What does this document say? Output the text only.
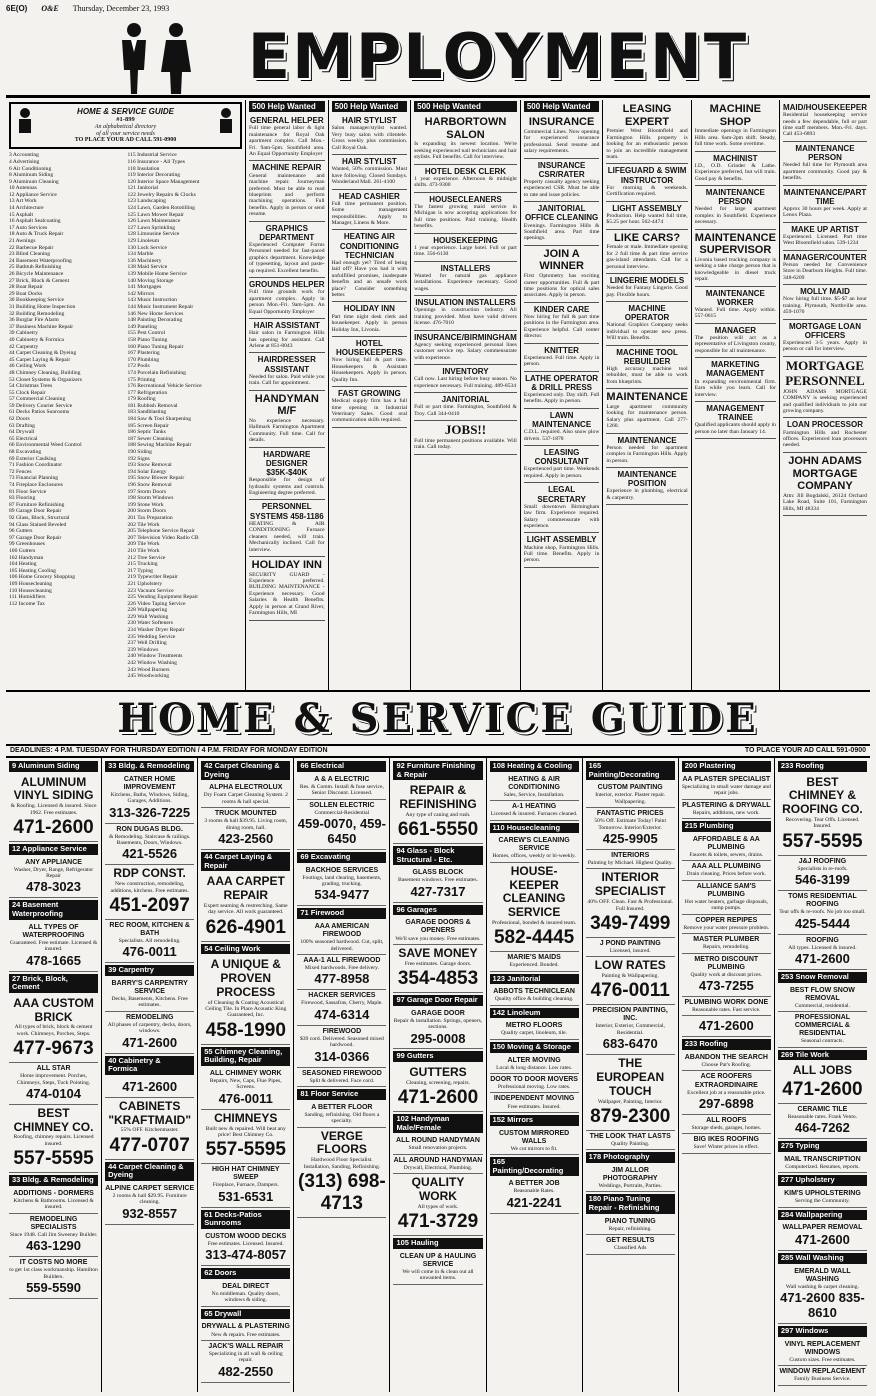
6E(O) O&E Thursday, December 23, 1993
EMPLOYMENT
HOME & SERVICE GUIDE
#1-899
An alphabetical directory
of all your service needs
TO PLACE YOUR AD CALL 591-0900
3 Accounting
4 Advertising
6 Air Conditioning
8 Aluminum Siding
9 Aluminum Cleaning
10 Antennas
12 Appliance Service
13 Art Work
14 Architecture
15 Asphalt
16 Asphalt Sealcoating
17 Auto Services
18 Auto & Truck Repair
21 Awnings
22 Barbecue Repair
23 Blind Cleaning
24 Basement Waterproofing
25 Bathtub Refinishing
26 Bicycle Maintenance
27 Brick, Block & Cement
28 Boat Repair
29 Boat Docks
30 Bookkeeping Service
31 Building Home Inspection
32 Building Remodeling
36 Burglar Fire Alarm
37 Business Machine Repair
39 Cabinetry
40 Cabinetry & Formica
42 Carpentry
44 Carpet Cleaning & Dyeing
45 Carpet Laying & Repair
46 Ceiling Work
48 Chimney Cleaning, Building
53 Closet Systems & Organizers
54 Christmas Trees
55 Clock Repair
57 Commercial Cleaning
59 Delivery Courier Service
61 Decks Patios Sunrooms
62 Doors
63 Drafting
64 Drywall
65 Electrical
66 Environmental Weed Control
68 Excavating
69 Exterior Caulking
71 Fashion Coordinator
72 Fences
73 Financial Planning
74 Fireplace Enclosures
81 Floor Service
83 Flooring
87 Furniture Refinishing
89 Garage Door Repair
92 Glass, Block, Structural
94 Glass Stained Beveled
96 Gutters
97 Garage Door Repair
99 Greenhouses
100 Gutters
102 Handyman
104 Heating
105 Heating Cooling
106 Home Grocery Shopping
109 Housecleaning
110 Housecleaning
111 Humidifiers
112 Income Tax
115 Industrial Service
116 Insurance - All Types
118 Insulation
119 Interior Decorating
120 Interior Space Management
121 Janitorial
122 Jewelry Repairs & Clocks
123 Landscaping
124 Lawn, Garden Rototilling
125 Lawn Mower Repair
126 Lawn Maintenance
127 Lawn Sprinkling
128 Limousine Service
129 Linoleum
130 Lock Service
134 Marble
136 Machinery
138 Maid Service
139 Mobile Home Service
140 Moving Storage
141 Mortgages
142 Mirrors
143 Music Instruction
144 Music Instrument Repair
146 New Home Services
148 Painting Decorating
149 Paneling
155 Pest Control
158 Piano Tuning
160 Piano Tuning Repair
167 Plastering
170 Plumbing
172 Pools
174 Porcelain Refinishing
175 Printing
176 Recreational Vehicle Service
177 Refrigeration
179 Roofing
181 Rubbish Removal
183 Sandblasting
184 Saw & Tool Sharpening
185 Screen Repair
186 Septic Tanks
187 Sewer Cleaning
188 Sewing Machine Repair
190 Siding
192 Signs
193 Snow Removal
194 Solar Energy
195 Snow Blower Repair
196 Snow Removal
197 Storm Doors
198 Storm Windows
199 Stone Work
200 Storm Doors
201 Tax Preparation
202 Tile Work
205 Telephone Service Repair
207 Television Video Radio CB
209 Tile Work
210 Tile Work
212 Tree Service
215 Trucking
217 Typing
219 Typewriter Repair
221 Upholstery
223 Vacuum Service
225 Vending Equipment Repair
226 Video Taping Service
228 Wallpapering
229 Wall Washing
230 Water Softeners
234 Washer Dryer Repair
235 Wedding Service
237 Well Drilling
239 Windows
240 Window Treatments
242 Window Washing
243 Wood Burners
245 Woodworking
500 Help Wanted
GENERAL HELPER
Full time general labor & light maintenance for Royal Oak apartment complex. Call Mon.-Fri. 9am-5pm. Southfield area. An Equal Opportunity Employer
MACHINE REPAIR
General maintenance and machine repair. Journeyman preferred. Must be able to read blueprints and perform machining operations. Full benefits. Apply in person or send resume.
GRAPHICS DEPARTMENT
Experienced Computer Forms Personnel needed for fast-paced graphics department. Knowledge of typesetting, layout and paste-up required. Excellent benefits.
GROUNDS HELPER
Full time grounds work for apartment complex. Apply in person Mon.-Fri. 9am-5pm. An Equal Opportunity Employer
HAIR ASSISTANT
Hair salon in Farmington Hills has opening for assistant. Call Arlene at 851-8043
HAIRDRESSER ASSISTANT
Needed for salon. Paid while you train. Call for appointment.
HANDYMAN M/F
No experience necessary. Hallmark Farmington Apartment Community. Full time. Call for details.
HARDWARE DESIGNER $35K-$40K
Responsible for design of hydraulic systems and controls. Engineering degree preferred.
PERSONNEL SYSTEMS 458-1186
HEATING & AIR CONDITIONING Furnace cleaners needed, will train. Mechanically inclined. Call for interview.
HOLIDAY INN
SECURITY GUARD - Experience preferred. BUILDING MAINTENANCE - Experience necessary. Good Salaries & Health Benefits. Apply in person at Grand River, Farmington Hills, MI
500 Help Wanted
HAIR STYLIST
Salon manager/stylist wanted. Very busy salon with clientele. Gross weekly plus commission. Call Royal Oak.
HAIR STYLIST
Wanted, 50% commission. Must have following. Closed Sundays. Wonderland Mall. 261-4100
HEAD CASHIER
Full time permanent position. Some management responsibilities. Apply to Manager, Linens & More.
HEATING AIR CONDITIONING TECHNICIAN
Had enough yet? Tired of being laid off? Have you had it with unfulfilled promises, inadequate benefits and an unsafe work place? Consider something better.
HOLIDAY INN
Part time night desk clerk and housekeeper. Apply in person Holiday Inn, Livonia.
HOTEL HOUSEKEEPERS
Now hiring full & part time. Housekeepers & Assistant Housekeepers. Apply in person. Quality Inn.
FAST GROWING
Medical supply firm has a full time opening in Industrial Veterinary Sales. Good oral communication skills required.
500 Help Wanted
HARBORTOWN SALON
Is expanding its newest location. We're seeking experienced nail technicians and hair stylists. Full benefits. Call for interview.
HOTEL DESK CLERK
1 year experience. Afternoon & midnight shifts. 473-9300
HOUSECLEANERS
The fastest growing maid service in Michigan is now accepting applications for full time positions. Paid training. Health benefits.
HOUSEKEEPING
1 year experience. Large hotel. Full or part time. 356-6130
INSTALLERS
Wanted for natural gas appliance installations. Experience necessary. Good wages.
INSULATION INSTALLERS
Openings in construction industry. All training provided. Must have valid drivers license. 476-7010
INSURANCE/BIRMINGHAM
Agency seeking experienced personal lines customer service rep. Salary commensurate with experience.
INVENTORY
Call now. Last hiring before busy season. No experience necessary. Full training. 489-8534
JANITORIAL
Full or part time. Farmington, Southfield & Troy. Call 344-0410
JOBS!!
Full time permanent positions available. Will train. Call today.
500 Help Wanted
INSURANCE
Commercial Lines. Now opening for experienced insurance professional. Send resume and salary requirements.
INSURANCE CSR/RATER
Property casualty agency seeking experienced CSR. Must be able to rate and issue policies.
JANITORIAL OFFICE CLEANING
Evenings. Farmington Hills & Southfield area. Part time openings.
JOIN A WINNER
First Optometry has exciting career opportunities. Full & part time positions for optical sales associates. Apply in person.
KINDER CARE
Now hiring for full & part time positions in the Farmington area. Experience helpful. Call center director.
KNITTER
Experienced. Full time. Apply in person.
LATHE OPERATOR & DRILL PRESS
Experienced only. Day shift. Full benefits. Apply in person.
LAWN MAINTENANCE
C.D.L. required. Also snow plow drivers. 537-1878
LEASING CONSULTANT
Experienced part time. Weekends required. Apply in person.
LEGAL SECRETARY
Small downtown Birmingham law firm. Experience required. Salary commensurate with experience.
LIGHT ASSEMBLY
Machine shop, Farmington Hills. Full time. Benefits. Apply in person.
LEASING EXPERT
Premier West Bloomfield and Farmington Hills property is looking for an enthusiastic person to join an incredible management team.
LIFEGUARD & SWIM INSTRUCTOR
For morning & weekends. Certification required.
LIGHT ASSEMBLY
Production. Help wanted full time, $5.25 per hour. 562-4474
LIKE CARS?
Female or male. Immediate opening for 2 full time & part time service gas-island attendants. Call for a personal interview.
LINGERIE MODELS
Needed for Fantasy Lingerie. Good pay. Flexible hours.
MACHINE OPERATOR
National Graphics Company seeks individual to operate new press. Will train. Benefits.
MACHINE TOOL REBUILDER
High accuracy machine tool rebuilder, must be able to work from blueprints.
MAINTENANCE
Large apartment community looking for maintenance person. Salary plus apartment. Call 277-1260.
MAINTENANCE
Person needed for apartment complex in Farmington Hills. Apply in person.
MAINTENANCE POSITION
Experience in plumbing, electrical & carpentry.
MACHINE SHOP
Immediate openings in Farmington Hills area. 6am-2pm shift. Steady, full time work. Some overtime.
MACHINIST
I.D., O.D. Grinder & Lathe. Experience preferred, but will train. Good pay & benefits.
MAINTENANCE PERSON
Needed for large apartment complex in Southfield. Experience necessary.
MAINTENANCE SUPERVISOR
Livonia based trucking company is seeking a take charge person that is knowledgeable in diesel truck repair.
MAINTENANCE WORKER
Wanted. Full time. Apply within. 557-0615
MANAGER
The position will act as a representative of Livingston county, responsible for all maintenance.
MARKETING MANAGEMENT
In expanding environmental firm. Earn while you learn. Call for interview.
MANAGEMENT TRAINEE
Qualified applicants should apply in person no later than January 14.
MAID/HOUSEKEEPER
Residential housekeeping service needs a few dependable, full or part time staff members. Mon.-Fri. days. Call 453-6893
MAINTENANCE PERSON
Needed full time for Plymouth area apartment community. Good pay & benefits.
MAINTENANCE/PART TIME
Approx 30 hours per week. Apply at Lenox Plaza.
MAKE UP ARTIST
Experienced. Licensed. Part time West Bloomfield salon. 539-1234
MANAGER/COUNTER
Person needed for Convenience Store in Dearborn Heights. Full time. 348-6209
MOLLY MAID
Now hiring full time. $5-$7 an hour training. Plymouth, Northville area. 459-1070
MORTGAGE LOAN OFFICERS
Experienced 3-5 years. Apply in person or call for interview.
MORTGAGE PERSONNEL
JOHN ADAMS MORTGAGE COMPANY is seeking experienced and qualified individuals to join our growing company.
LOAN PROCESSOR
Farmington Hills and Rochester offices. Experienced loan processors needed.
JOHN ADAMS MORTGAGE COMPANY
Attn: Jill Bogdalski, 26124 Orchard Lake Road, Suite 101, Farmington Hills, MI 48334
HOME & SERVICE GUIDE
DEADLINES: 4 P.M. TUESDAY FOR THURSDAY EDITION / 4 P.M. FRIDAY FOR MONDAY EDITION	TO PLACE YOUR AD CALL 591-0900
9 Aluminum Siding
ALUMINUM VINYL SIDING
& Roofing. Licensed & insured. Since 1962. Free estimates.
471-2600
12 Appliance Service
ANY APPLIANCE
Washer, Dryer, Range, Refrigerator Repair
478-3023
24 Basement Waterproofing
ALL TYPES OF WATERPROOFING
Guaranteed. Free estimate. Licensed & insured.
478-1665
27 Brick, Block, Cement
AAA CUSTOM BRICK
All types of brick, block & cement work. Chimneys, Porches, Steps.
477-9673
ALL STAR
Home improvement. Porches, Chimneys, Steps, Tuck Pointing.
474-0104
BEST CHIMNEY CO.
Roofing, chimney repairs. Licensed insured.
557-5595
33 Bldg. & Remodeling
ADDITIONS - DORMERS
Kitchens & Bathrooms. Licensed & insured.
REMODELING SPECIALISTS
Since 1948. Call Jim Sweeney Builder.
463-1290
IT COSTS NO MORE
to get 1st class workmanship. Hamilton Builders.
559-5590
33 Bldg. & Remodeling
CATNER HOME IMPROVEMENT
Kitchens, Baths, Windows, Siding, Garages, Additions.
313-326-7225
RON DUGAS BLDG.
& Remodeling. Staircase & railings. Basements, Doors, Windows.
421-5526
RDP CONST.
New construction, remodeling, additions, kitchens. Free estimates.
451-2097
REC ROOM, KITCHEN & BATH
Specialists. All remodeling.
476-0011
39 Carpentry
BARRY'S CARPENTRY SERVICE
Decks, Basements, Kitchens. Free estimates.
REMODELING
All phases of carpentry, decks, doors, windows.
471-2600
40 Cabinetry & Formica
471-2600
CABINETS "KRAFTMAID"
55% OFF. Kitchenmaster.
477-0707
44 Carpet Cleaning & Dyeing
ALPINE CARPET SERVICE
2 rooms & hall $29.95. Furniture cleaning.
932-8557
42 Carpet Cleaning & Dyeing
ALPHA ELECTROLUX
Dry Foam Carpet Cleaning System. 2 rooms & hall special.
TRUCK MOUNTED
3 rooms & hall $39.95. Living room, dining room, hall.
423-2560
44 Carpet Laying & Repair
AAA CARPET REPAIR
Expert seaming & restretching. Same day service. All work guaranteed.
626-4901
54 Ceiling Work
A UNIQUE & PROVEN PROCESS
of Cleaning & Coating Acoustical Ceiling Tile. In Place Acoustic King Guaranteed, Inc.
458-1990
55 Chimney Cleaning, Building, Repair
ALL CHIMNEY WORK
Repairs, New, Caps, Flue Pipes, Screens.
476-0011
CHIMNEYS
Built new & repaired. Will beat any price! Best Chimney Co.
557-5595
HIGH HAT CHIMNEY SWEEP
Fireplace, Furnace, Dampers.
531-6531
61 Decks-Patios Sunrooms
CUSTOM WOOD DECKS
Free estimates. Licensed. Insured.
313-474-8057
62 Doors
DEAL DIRECT
No middleman. Quality doors, windows & siding.
65 Drywall
DRYWALL & PLASTERING
New & repairs. Free estimates.
JACK'S WALL REPAIR
Specializing in all wall & ceiling repair.
482-2550
66 Electrical
A & A ELECTRIC
Res. & Comm. Install & fuse service, Senior Discount. Licensed.
SOLLEN ELECTRIC
Commercial-Residential
459-0070, 459-6450
69 Excavating
BACKHOE SERVICES
Footings, land clearing, basements, grading, trucking.
534-9477
71 Firewood
AAA AMERICAN FIREWOOD
100% seasoned hardwood. Cut, split, delivered.
AAA-1 ALL FIREWOOD
Mixed hardwoods. Free delivery.
477-8958
HACKER SERVICES
Firewood, Sassafras, Cherry, Maple.
474-6314
FIREWOOD
$39 cord. Delivered. Seasoned mixed hardwood.
314-0366
SEASONED FIREWOOD
Split & delivered. Face cord.
81 Floor Service
A BETTER FLOOR
Sanding, refinishing. Old floors a specialty.
VERGE FLOORS
Hardwood Floor Specialist. Installation, Sanding, Refinishing.
(313) 698-4713
92 Furniture Finishing & Repair
REPAIR & REFINISHING
Any type of caning and rush.
661-5550
94 Glass - Block Structural - Etc.
GLASS BLOCK
Basement windows. Free estimates.
427-7317
96 Garages
GARAGE DOORS & OPENERS
We'll save you money. Free estimates.
SAVE MONEY
Free estimates. Garage doors.
354-4853
97 Garage Door Repair
GARAGE DOOR
Repair & installation. Springs, openers, sections.
295-0008
99 Gutters
GUTTERS
Cleaning, screening, repairs.
471-2600
102 Handyman Male/Female
ALL ROUND HANDYMAN
Small renovation projects.
ALL AROUND HANDYMAN
Drywall, Electrical, Plumbing.
QUALITY WORK
All types of work.
471-3729
105 Hauling
CLEAN UP & HAULING SERVICE
We will come in & clean out all unwanted items.
108 Heating & Cooling
HEATING & AIR CONDITIONING
Sales, Service, Installation.
A-1 HEATING
Licensed & insured. Furnaces cleaned.
110 Housecleaning
CAREW'S CLEANING SERVICE
Homes, offices, weekly or bi-weekly.
HOUSE-KEEPER CLEANING SERVICE
Professional, bonded & insured team.
582-4445
MARIE'S MAIDS
Experienced. Bonded.
123 Janitorial
ABBOTS TECHNICLEAN
Quality office & building cleaning.
142 Linoleum
METRO FLOORS
Quality carpet, linoleum, tile.
150 Moving & Storage
ALTER MOVING
Local & long distance. Low rates.
DOOR TO DOOR MOVERS
Professional moving. Low rates.
INDEPENDENT MOVING
Free estimates. Insured.
152 Mirrors
CUSTOM MIRRORED WALLS
We cut mirrors to fit.
165 Painting/Decorating
A BETTER JOB
Reasonable Rates.
421-2241
165 Painting/Decorating
CUSTOM PAINTING
Interior, exterior. Plaster repair. Wallpapering.
FANTASTIC PRICES
50% Off. Estimate Today! Paint Tomorrow. Interior/Exterior.
425-9905
INTERIORS
Painting by Michael. Highest Quality.
INTERIOR SPECIALIST
40% OFF. Clean. Fast & Professional. Full Insured.
349-7499
J POND PAINTING
Licensed, insured.
LOW RATES
Painting & Wallpapering.
476-0011
PRECISION PAINTING, INC.
Interior, Exterior, Commercial, Residential.
683-6470
THE EUROPEAN TOUCH
Wallpaper, Painting, Interior.
879-2300
THE LOOK THAT LASTS
Quality Painting.
178 Photography
JIM ALLOR PHOTOGRAPHY
Weddings, Portraits, Parties.
180 Piano Tuning Repair - Refinishing
PIANO TUNING
Repair, refinishing.
GET RESULTS
Classified Ads
200 Plastering
AA PLASTER SPECIALIST
Specializing in small water damage and repair jobs.
PLASTERING & DRYWALL
Repairs, additions, new work.
215 Plumbing
AFFORDABLE & AA PLUMBING
Faucets & toilets, sewers, drains.
AAA ALL PLUMBING
Drain cleaning. Prices before work.
ALLIANCE SAM'S PLUMBING
Hot water heaters, garbage disposals, sump pumps.
COPPER REPIPES
Remove your water pressure problem.
MASTER PLUMBER
Repairs, remodeling.
METRO DISCOUNT PLUMBING
Quality work at discount prices.
473-7255
PLUMBING WORK DONE
Reasonable rates. Fast service.
471-2600
233 Roofing
ABANDON THE SEARCH
Choose Pat's Roofing.
ACE ROOFERS EXTRAORDINAIRE
Excellent job at a reasonable price.
297-6898
ALL ROOFS
Storage sheds, garages, homes.
BIG IKES ROOFING
Save! Winter prices in effect.
233 Roofing
BEST CHIMNEY & ROOFING CO.
Recovering. Tear Offs. Licensed. Insured.
557-5595
J&J ROOFING
Specialists in re-roofs.
546-3199
TOMS RESIDENTIAL ROOFING
Tear offs & re-roofs. No job too small.
425-5444
ROOFING
All types. Licensed & insured.
471-2600
253 Snow Removal
BEST FLOW SNOW REMOVAL
Commercial, residential.
PROFESSIONAL COMMERCIAL & RESIDENTIAL
Seasonal contracts.
269 Tile Work
ALL JOBS
471-2600
CERAMIC TILE
Reasonable rates. Frank Vento.
464-7262
275 Typing
MAIL TRANSCRIPTION
Computerized. Resumes, reports.
277 Upholstery
KIM'S UPHOLSTERING
Serving the Community.
284 Wallpapering
WALLPAPER REMOVAL
471-2600
285 Wall Washing
EMERALD WALL WASHING
Wall washing & carpet cleaning.
471-2600 835-8610
297 Windows
VINYL REPLACEMENT WINDOWS
Custom sizes. Free estimates.
WINDOW REPLACEMENT
Family Business Service.
